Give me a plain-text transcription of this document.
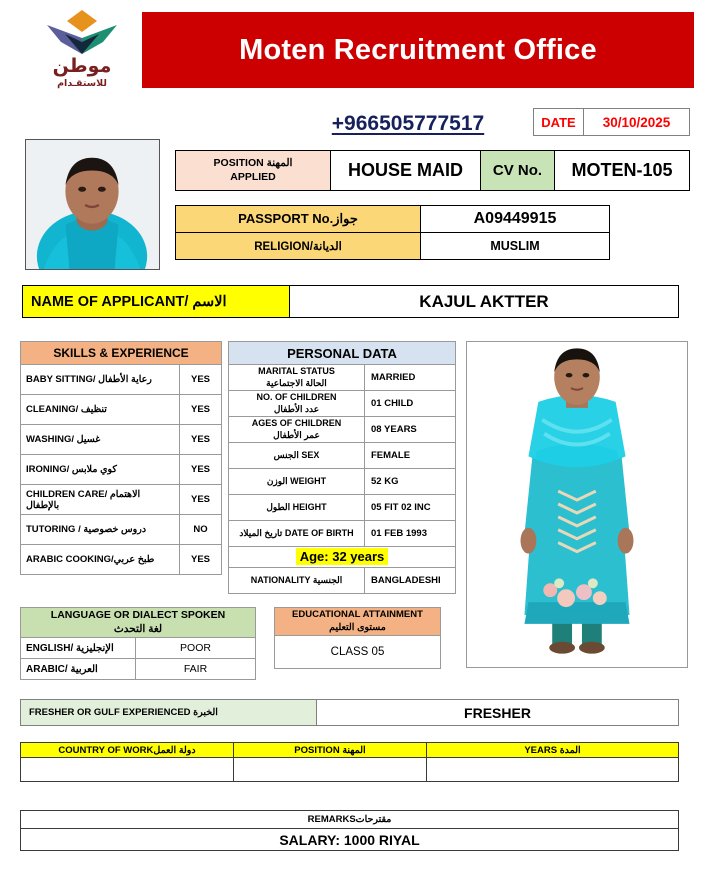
موطن
للاستقـدام
Moten Recruitment Office
+966505777517	DATE	30/10/2025
POSITION المهنة
APPLIED	HOUSE MAID	CV No.	MOTEN-105
PASSPORT No.جواز	A09449915
RELIGION/الديانة	MUSLIM
NAME OF APPLICANT/ الاسم	KAJUL AKTTER
SKILLS & EXPERIENCE	
BABY SITTING/ رعاية الأطفال	YES
CLEANING/ تنظيف	YES
WASHING/ غسيل	YES
IRONING/ كوي ملابس	YES
CHILDREN CARE/ الاهتمام بالإطفال	YES
TUTORING / دروس خصوصية	NO
ARABIC COOKING/طبخ عربي	YES
PERSONAL DATA	

MARITAL STATUS
الحالة الاجتماعية	MARRIED

NO. OF CHILDREN
عدد الأطفال	01 CHILD

AGES OF CHILDREN
عمر الأطفال	08 YEARS
الجنس SEX	FEMALE
الوزن WEIGHT	52 KG
الطول HEIGHT	05 FIT 02 INC
تاريخ الميلاد DATE OF BIRTH	01 FEB 1993
Age: 32 years	
NATIONALITY الجنسية	BANGLADESHI
LANGUAGE OR DIALECT SPOKEN
لغة التحدث	

ENGLISH/ الإنجليزية	POOR
ARABIC/ العربية	FAIR
EDUCATIONAL ATTAINMENT
مستوى التعليم

CLASS 05
FRESHER OR GULF EXPERIENCED الخبرة	FRESHER
COUNTRY OF WORKدولة العمل	POSITION المهنة	YEARS المدة

REMARKSمقترحات
SALARY: 1000 RIYAL
